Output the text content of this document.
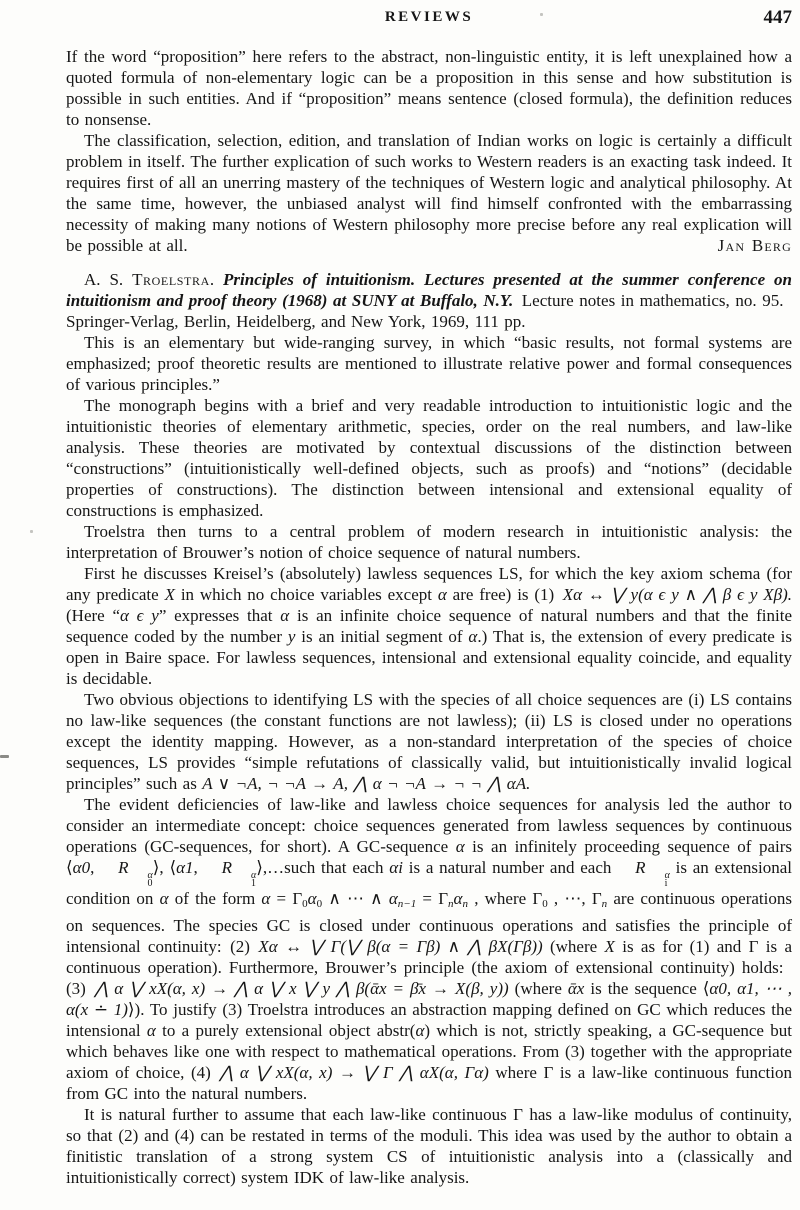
REVIEWS	447

If the word “proposition” here refers to the abstract, non-linguistic entity, it is left unexplained how a quoted formula of non-elementary logic can be a proposition in this sense and how substitution is possible in such entities. And if “proposition” means sentence (closed formula), the definition reduces to nonsense.

The classification, selection, edition, and translation of Indian works on logic is certainly a difficult problem in itself. The further explication of such works to Western readers is an exacting task indeed. It requires first of all an unerring mastery of the techniques of Western logic and analytical philosophy. At the same time, however, the unbiased analyst will find himself confronted with the embarrassing necessity of making many notions of Western philosophy more precise before any real explication will be possible at all.	Jan Berg

A. S. Troelstra. Principles of intuitionism. Lectures presented at the summer conference on intuitionism and proof theory (1968) at SUNY at Buffalo, N.Y. Lecture notes in mathematics, no. 95. Springer-Verlag, Berlin, Heidelberg, and New York, 1969, 111 pp.

This is an elementary but wide-ranging survey, in which “basic results, not formal systems are emphasized; proof theoretic results are mentioned to illustrate relative power and formal consequences of various principles.”

The monograph begins with a brief and very readable introduction to intuitionistic logic and the intuitionistic theories of elementary arithmetic, species, order on the real numbers, and law-like analysis. These theories are motivated by contextual discussions of the distinction between “constructions” (intuitionistically well-defined objects, such as proofs) and “notions” (decidable properties of constructions). The distinction between intensional and extensional equality of constructions is emphasized.

Troelstra then turns to a central problem of modern research in intuitionistic analysis: the interpretation of Brouwer’s notion of choice sequence of natural numbers.

First he discusses Kreisel’s (absolutely) lawless sequences LS, for which the key axiom schema (for any predicate X in which no choice variables except α are free) is (1) Xα ↔ ⋁ y(α ϵ y ∧ ⋀ β ϵ y Xβ). (Here “α ϵ y” expresses that α is an infinite choice sequence of natural numbers and that the finite sequence coded by the number y is an initial segment of α.) That is, the extension of every predicate is open in Baire space. For lawless sequences, intensional and extensional equality coincide, and equality is decidable.

Two obvious objections to identifying LS with the species of all choice sequences are (i) LS contains no law-like sequences (the constant functions are not lawless); (ii) LS is closed under no operations except the identity mapping. However, as a non-standard interpretation of the species of choice sequences, LS provides “simple refutations of classically valid, but intuitionistically invalid logical principles” such as A ∨ ¬A, ¬ ¬A → A, ⋀ α ¬ ¬A → ¬ ¬ ⋀ αA.

The evident deficiencies of law-like and lawless choice sequences for analysis led the author to consider an intermediate concept: choice sequences generated from lawless sequences by continuous operations (GC-sequences, for short). A GC-sequence α is an infinitely proceeding sequence of pairs ⟨α0, R	α
0
⟩, ⟨α1, R	α
1
⟩,…such that each αi is a natural number and each R	α
i
is an extensional condition on α of the form $\alpha = \Gamma_0\alpha_0$ ∧ ⋯ ∧ αn−1 = Γnαn , where $\Gamma_0$ , ⋯, Γn are continuous operations on sequences. The species GC is closed under continuous operations and satisfies the principle of intensional continuity: (2) Xα ↔ ⋁ Γ(⋁ β(α = Γβ) ∧ ⋀ βX(Γβ)) (where X is as for (1) and Γ is a continuous operation). Furthermore, Brouwer’s principle (the axiom of extensional continuity) holds: (3) ⋀ α ⋁ xX(α, x) → ⋀ α ⋁ x ⋁ y ⋀ β(ᾱx = β̄x → X(β, y)) (where ᾱx is the sequence ⟨α0, α1, ⋯ , α(x ∸ 1)⟩). To justify (3) Troelstra introduces an abstraction mapping defined on GC which reduces the intensional α to a purely extensional object abstr(α) which is not, strictly speaking, a GC-sequence but which behaves like one with respect to mathematical operations. From (3) together with the appropriate axiom of choice, (4) ⋀ α ⋁ xX(α, x) → ⋁ Γ ⋀ αX(α, Γα) where Γ is a law-like continuous function from GC into the natural numbers.

It is natural further to assume that each law-like continuous Γ has a law-like modulus of continuity, so that (2) and (4) can be restated in terms of the moduli. This idea was used by the author to obtain a finitistic translation of a strong system CS of intuitionistic analysis into a (classically and intuitionistically correct) system IDK of law-like analysis.
